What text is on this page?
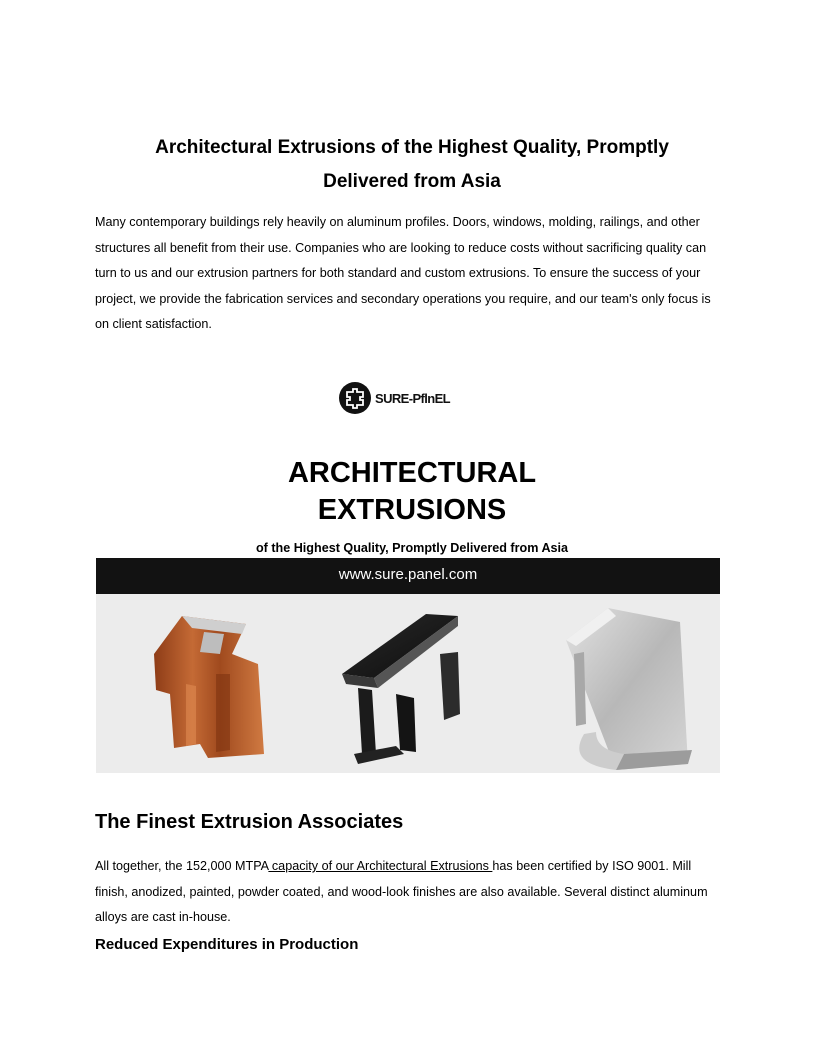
Architectural Extrusions of the Highest Quality, Promptly
Delivered from Asia

Many contemporary buildings rely heavily on aluminum profiles. Doors, windows, molding, railings, and other structures all benefit from their use. Companies who are looking to reduce costs without sacrificing quality can turn to us and our extrusion partners for both standard and custom extrusions. To ensure the success of your project, we provide the fabrication services and secondary operations you require, and our team's only focus is on client satisfaction.

SURE-PflnEL
ARCHITECTURAL
EXTRUSIONS

of the Highest Quality, Promptly Delivered from Asia

www.sure.panel.com
The Finest Extrusion Associates

All together, the 152,000 MTPA capacity of our Architectural Extrusions has been certified by ISO 9001. Mill finish, anodized, painted, powder coated, and wood-look finishes are also available. Several distinct aluminum alloys are cast in-house.

Reduced Expenditures in Production
